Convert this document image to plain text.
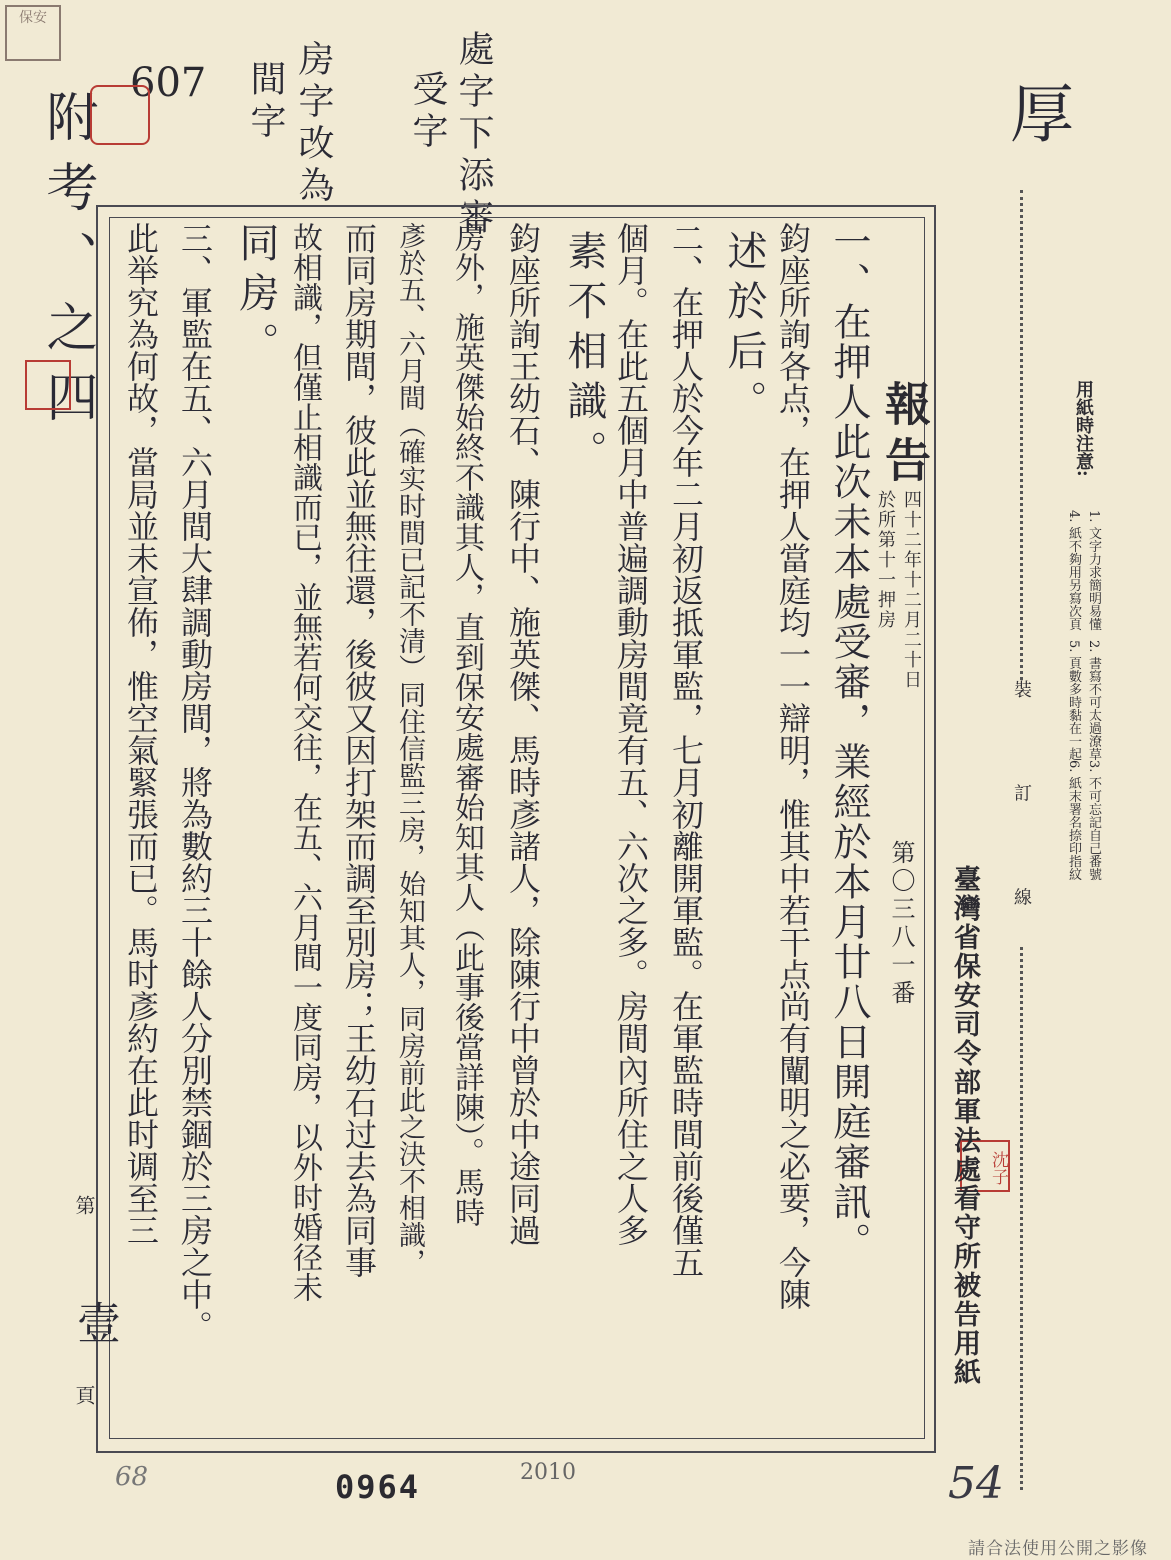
附考、之四
607 房字改為
間字	處字下添審
受字	厚
保安
沈子
報告
四十二年十二月二十日
於所第十一押房
第〇三八一番 臺灣省保安司令部軍法處看守所被告用紙
裝 訂 線
用紙時注意:
1. 文字力求簡明易懂
2. 書寫不可太過潦草
3. 不可忘記自己番號
4. 紙不夠用另寫次頁
5. 頁數多時黏在一起
6. 紙末署名捺印指紋
一、在押人此次未本處受審，業經於本月廿八日開庭審訊。
鈞座所詢各点，在押人當庭均一一辯明，惟其中若干点尚有闡明之必要，今陳
述於后。
二、在押人於今年二月初返抵軍監，七月初離開軍監。在軍監時間前後僅五
個月。在此五個月中普遍調動房間竟有五、六次之多。房間內所住之人多
素不相識。
鈞座所詢王幼石、陳行中、施英傑、馬時彥諸人，除陳行中曾於中途同過
房外，施英傑始終不識其人，直到保安處審始知其人（此事後當詳陳）。馬時
彥於五、六月間（確实时間已記不清）同住信監三房，始知其人，同房前此之決不相識，
而同房期間，彼此並無往還，後彼又因打架而調至別房；王幼石过去為同事
故相識，但僅止相識而已，並無若何交往，在五、六月間一度同房，以外时婚径未
同房。
三、軍監在五、六月間大肆調動房間，將為數約三十餘人分別禁錮於三房之中。
此举究為何故，當局並未宣佈，惟空氣緊張而已。馬时彥約在此时调至三
第
壹
頁
0964	2010	54
68
請合法使用公開之影像
